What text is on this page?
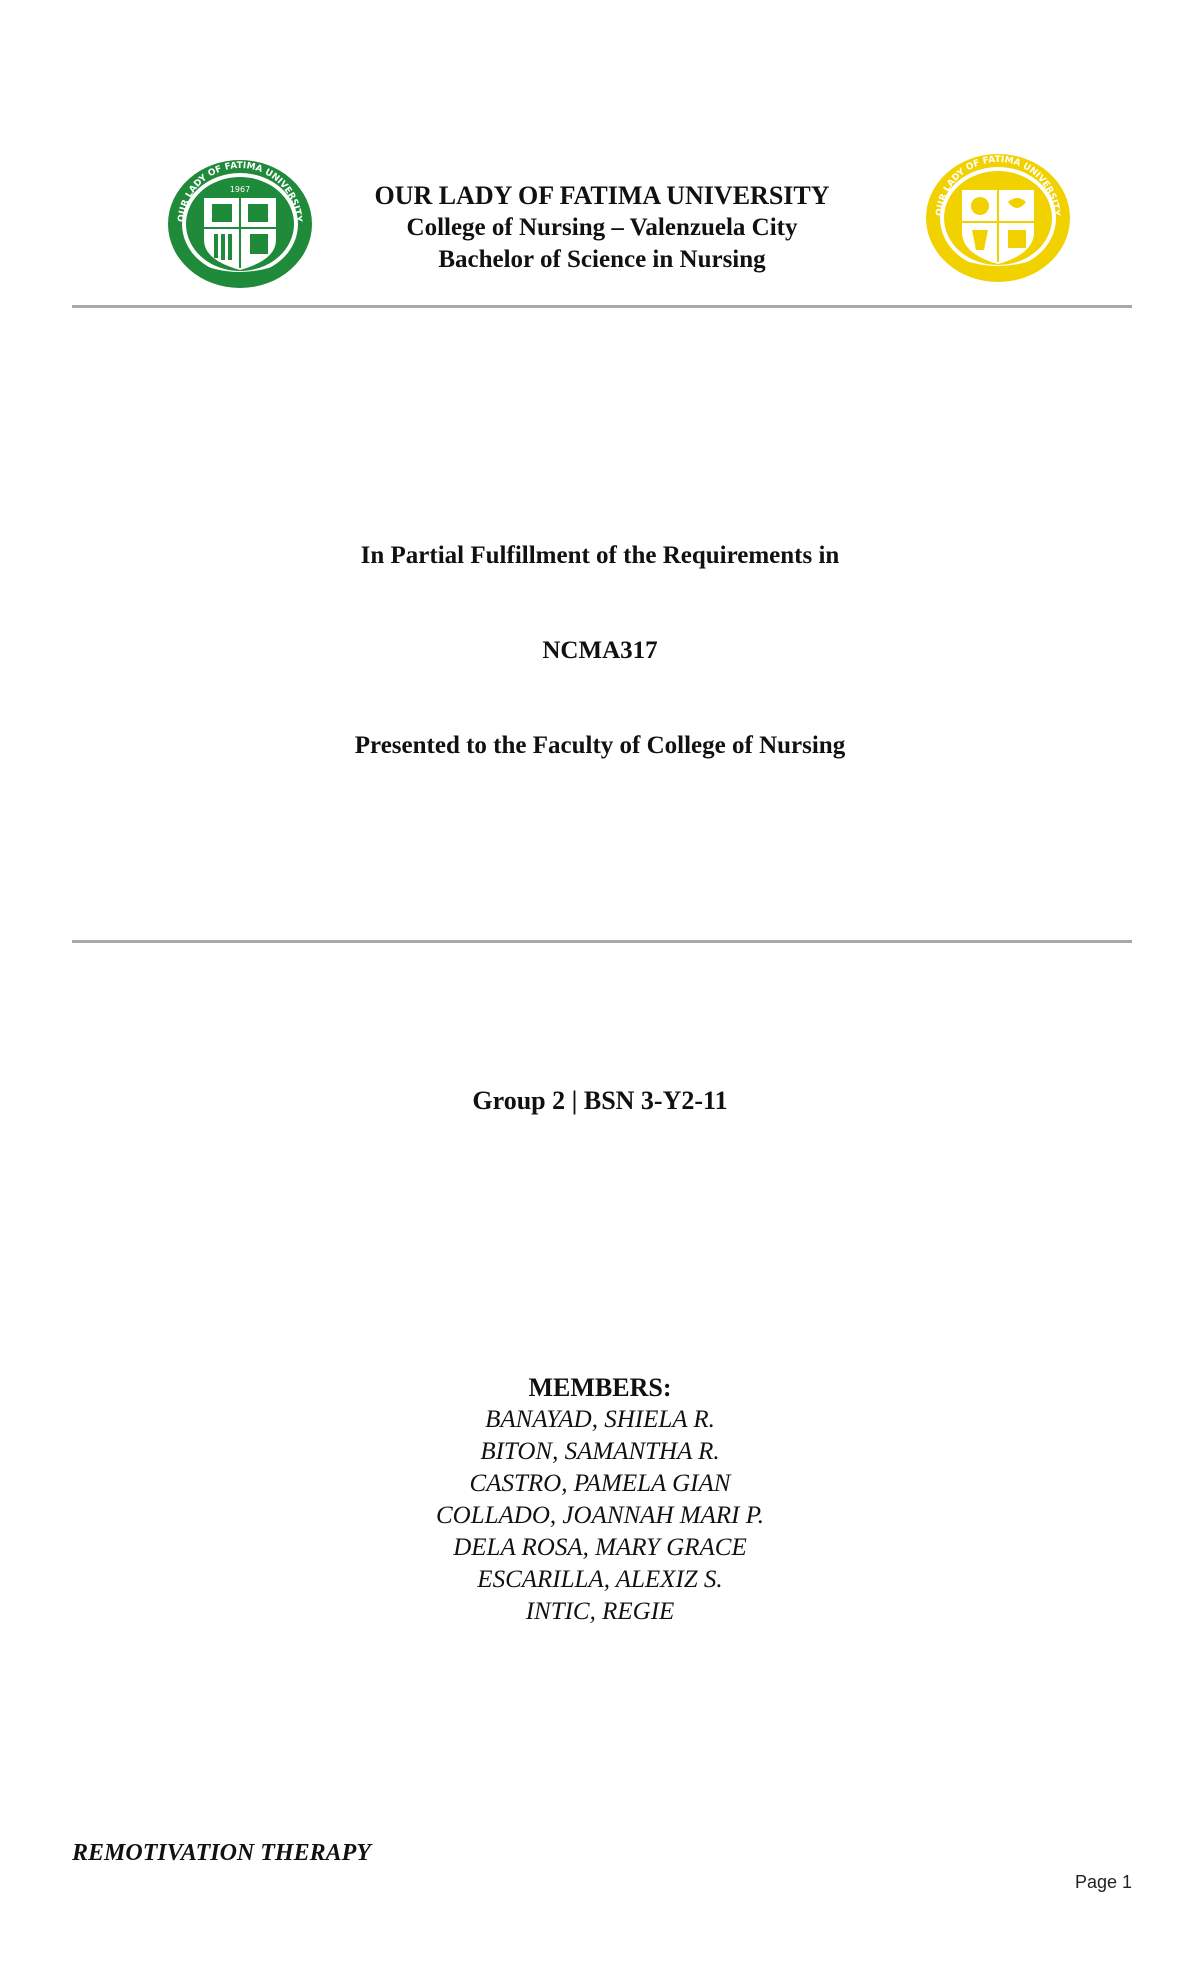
OUR LADY OF FATIMA UNIVERSITY
1967	OUR LADY OF FATIMA UNIVERSITY
College of Nursing – Valenzuela City
Bachelor of Science in Nursing
OUR LADY OF FATIMA UNIVERSITY
In Partial Fulfillment of the Requirements in
NCMA317
Presented to the Faculty of College of Nursing
Group 2 | BSN 3-Y2-11
MEMBERS:
BANAYAD, SHIELA R.
BITON, SAMANTHA R.
CASTRO, PAMELA GIAN
COLLADO, JOANNAH MARI P.
DELA ROSA, MARY GRACE
ESCARILLA, ALEXIZ S.
INTIC, REGIE
REMOTIVATION THERAPY
Page 1
